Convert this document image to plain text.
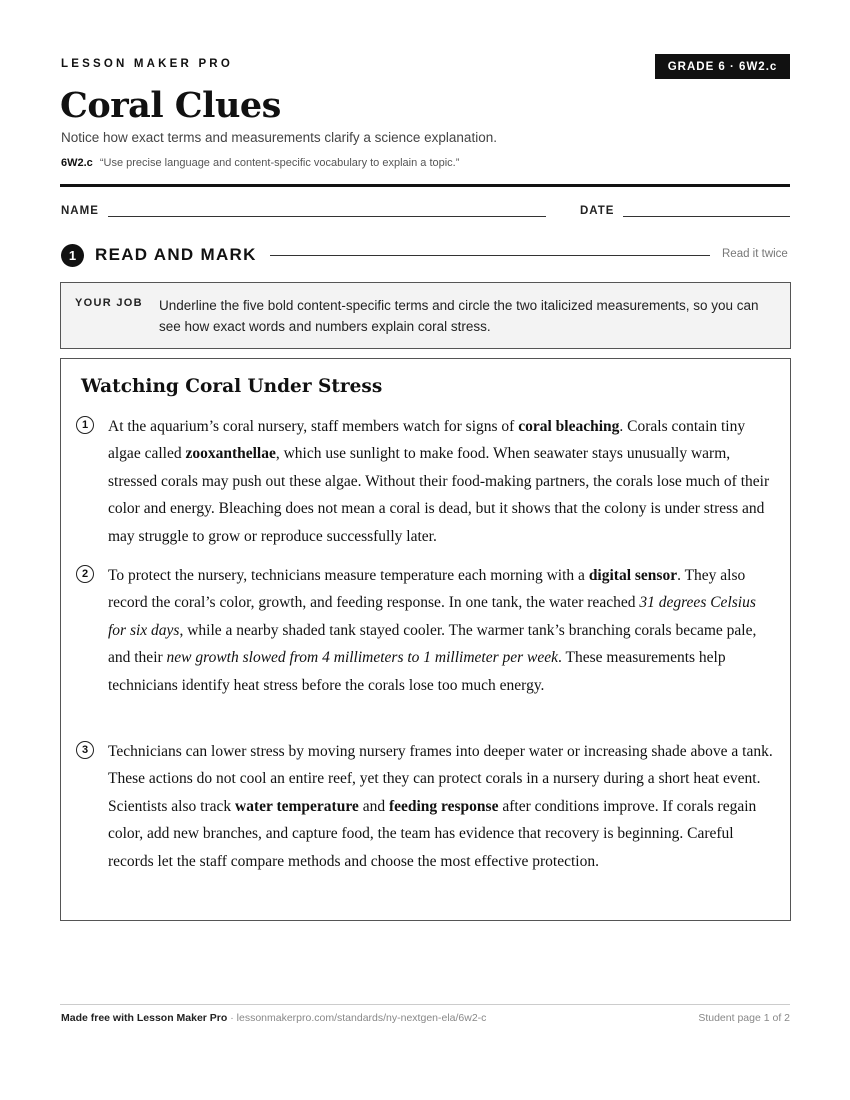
LESSON MAKER PRO	GRADE 6 · 6W2.c
Coral Clues
Notice how exact terms and measurements clarify a science explanation.
6W2.c “Use precise language and content-specific vocabulary to explain a topic.”
NAME	DATE
1	READ AND MARK	Read it twice
YOUR JOB Underline the five bold content-specific terms and circle the two italicized measurements, so you can see how exact words and numbers explain coral stress.

Watching Coral Under Stress
1	At the aquarium’s coral nursery, staff members watch for signs of coral bleaching. Corals contain tiny algae called zooxanthellae, which use sunlight to make food. When seawater stays unusually warm, stressed corals may push out these algae. Without their food-making partners, the corals lose much of their color and energy. Bleaching does not mean a coral is dead, but it shows that the colony is under stress and may struggle to grow or reproduce successfully later.

2	To protect the nursery, technicians measure temperature each morning with a digital sensor. They also record the coral’s color, growth, and feeding response. In one tank, the water reached 31 degrees Celsius for six days, while a nearby shaded tank stayed cooler. The warmer tank’s branching corals became pale, and their new growth slowed from 4 millimeters to 1 millimeter per week. These measurements help technicians identify heat stress before the corals lose too much energy.

3	Technicians can lower stress by moving nursery frames into deeper water or increasing shade above a tank. These actions do not cool an entire reef, yet they can protect corals in a nursery during a short heat event. Scientists also track water temperature and feeding response after conditions improve. If corals regain color, add new branches, and capture food, the team has evidence that recovery is beginning. Careful records let the staff compare methods and choose the most effective protection.

Made free with Lesson Maker Pro · lessonmakerpro.com/standards/ny-nextgen-ela/6w2-c	Student page 1 of 2
